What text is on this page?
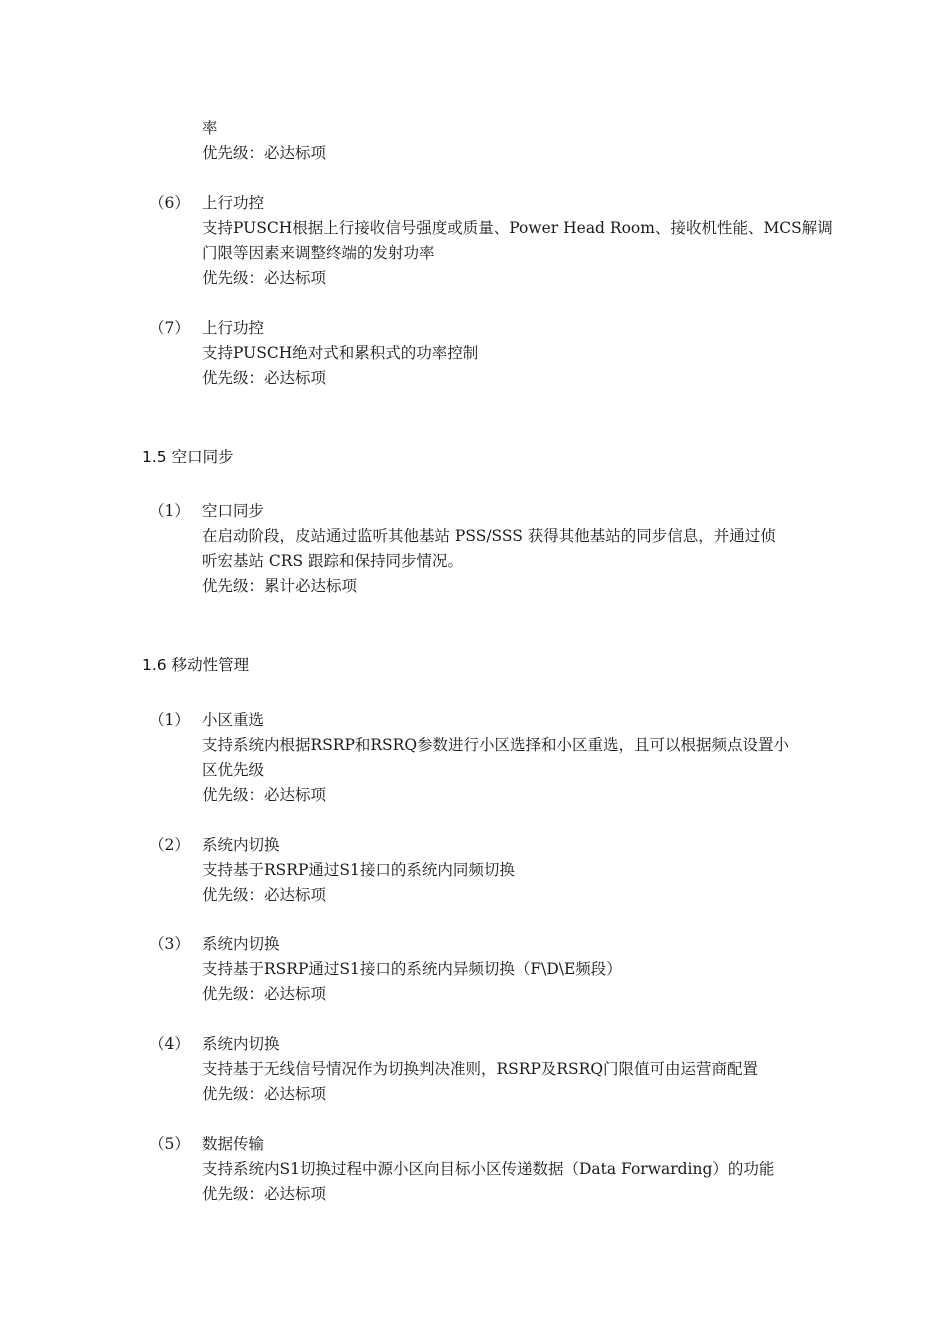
率
优先级：必达标项
（6） 上行功控
支持PUSCH根据上行接收信号强度或质量、Power Head Room、接收机性能、MCS解调
门限等因素来调整终端的发射功率
优先级：必达标项
（7） 上行功控
支持PUSCH绝对式和累积式的功率控制
优先级：必达标项
1.5 空口同步
（1） 空口同步
在启动阶段，皮站通过监听其他基站 PSS/SSS 获得其他基站的同步信息，并通过侦
听宏基站 CRS 跟踪和保持同步情况。
优先级：累计必达标项
1.6 移动性管理
（1） 小区重选
支持系统内根据RSRP和RSRQ参数进行小区选择和小区重选，且可以根据频点设置小
区优先级
优先级：必达标项
（2） 系统内切换
支持基于RSRP通过S1接口的系统内同频切换
优先级：必达标项
（3） 系统内切换
支持基于RSRP通过S1接口的系统内异频切换（F\D\E频段）
优先级：必达标项
（4） 系统内切换
支持基于无线信号情况作为切换判决准则，RSRP及RSRQ门限值可由运营商配置
优先级：必达标项
（5） 数据传输
支持系统内S1切换过程中源小区向目标小区传递数据（Data Forwarding）的功能
优先级：必达标项
